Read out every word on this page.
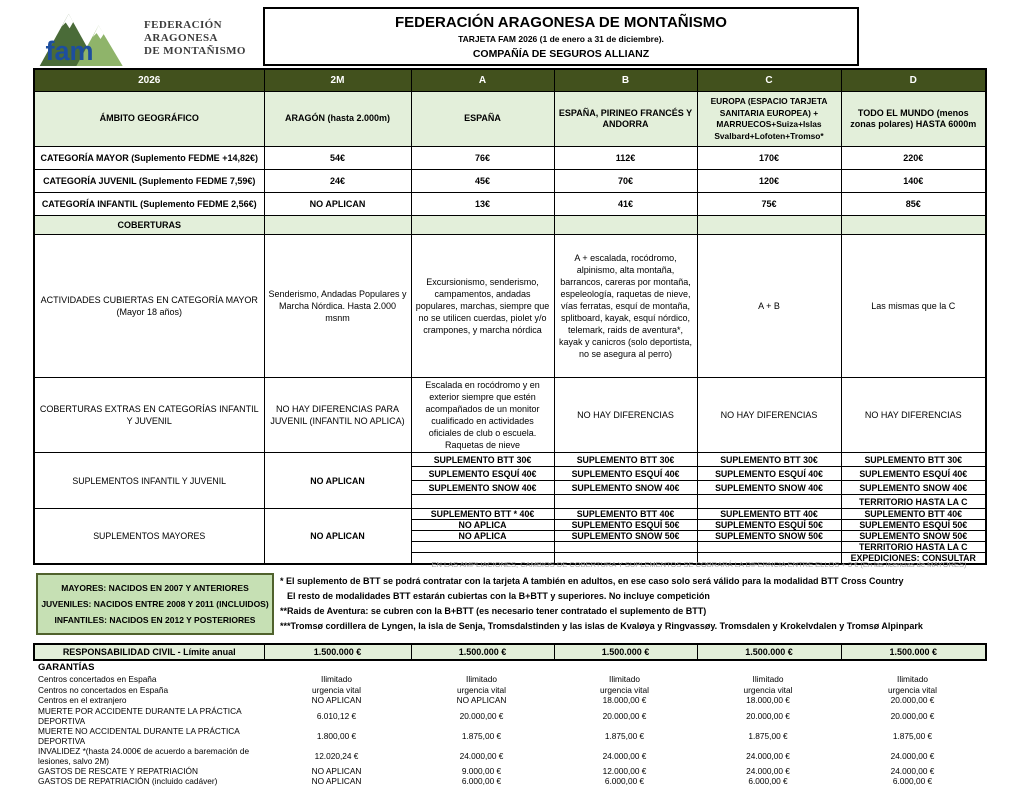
fam
FEDERACIÓN
ARAGONESA
DE MONTAÑISMO
FEDERACIÓN ARAGONESA DE MONTAÑISMO
TARJETA FAM 2026 (1 de enero a 31 de diciembre).
COMPAÑÍA DE SEGUROS ALLIANZ
2026	2M	A	B	C	D
ÁMBITO GEOGRÁFICO	ARAGÓN (hasta 2.000m)	ESPAÑA	ESPAÑA, PIRINEO FRANCÉS Y ANDORRA	EUROPA (ESPACIO TARJETA SANITARIA EUROPEA) + MARRUECOS+Suiza+Islas Svalbard+Lofoten+Tromso*	TODO EL MUNDO (menos zonas polares) HASTA 6000m
CATEGORÍA MAYOR (Suplemento FEDME +14,82€)	54€	76€	112€	170€	220€
CATEGORÍA JUVENIL (Suplemento FEDME 7,59€)	24€	45€	70€	120€	140€
CATEGORÍA INFANTIL (Suplemento FEDME 2,56€)	NO APLICAN	13€	41€	75€	85€
COBERTURAS					
ACTIVIDADES CUBIERTAS EN CATEGORÍA MAYOR (Mayor 18 años)	Senderismo, Andadas Populares y Marcha Nórdica. Hasta 2.000 msnm	Excursionismo, senderismo, campamentos, andadas populares, marchas, siempre que no se utilicen cuerdas, piolet y/o crampones, y marcha nórdica	A + escalada, rocódromo, alpinismo, alta montaña, barrancos, careras por montaña, espeleología, raquetas de nieve, vías ferratas, esquí de montaña, splitboard, kayak, esquí nórdico, telemark, raids de aventura*, kayak y canicros (solo deportista, no se asegura al perro)	A + B	Las mismas que la C
COBERTURAS EXTRAS EN CATEGORÍAS INFANTIL Y JUVENIL	NO HAY DIFERENCIAS PARA JUVENIL (INFANTIL NO APLICA)	Escalada en rocódromo y en exterior siempre que estén acompañados de un monitor cualificado en actividades oficiales de club o escuela. Raquetas de nieve	NO HAY DIFERENCIAS	NO HAY DIFERENCIAS	NO HAY DIFERENCIAS
SUPLEMENTOS INFANTIL Y JUVENIL	NO APLICAN	SUPLEMENTO BTT 30€	SUPLEMENTO BTT 30€	SUPLEMENTO BTT 30€	SUPLEMENTO BTT 30€
		SUPLEMENTO ESQUÍ 40€	SUPLEMENTO ESQUÍ 40€	SUPLEMENTO ESQUÍ 40€	SUPLEMENTO ESQUÍ 40€
		SUPLEMENTO SNOW 40€	SUPLEMENTO SNOW 40€	SUPLEMENTO SNOW 40€	SUPLEMENTO SNOW 40€
					TERRITORIO HASTA LA C
SUPLEMENTOS MAYORES	NO APLICAN	SUPLEMENTO BTT * 40€	SUPLEMENTO BTT 40€	SUPLEMENTO BTT 40€	SUPLEMENTO BTT 40€
		NO APLICA	SUPLEMENTO ESQUÍ 50€	SUPLEMENTO ESQUÍ 50€	SUPLEMENTO ESQUÍ 50€
		NO APLICA	SUPLEMENTO SNOW 50€	SUPLEMENTO SNOW 50€	SUPLEMENTO SNOW 50€
					TERRITORIO HASTA LA C
					EXPEDICIONES: CONSULTAR
EN LAS AMPLIACIONES, CAMBIOS DE COBERTURA Y SUPLEMENTOS SE COBRARÁ LA DIFERNCIA ENTRE ELLOS + 3 € (En las licencias de MAYORES)
MAYORES: NACIDOS EN 2007 Y ANTERIORES
JUVENILES: NACIDOS ENTRE 2008 Y 2011 (INCLUIDOS)
INFANTILES: NACIDOS EN 2012 Y POSTERIORES
* El suplemento de BTT se podrá contratar con la tarjeta A también en adultos, en ese caso solo será válido para la modalidad BTT Cross Country
El resto de modalidades BTT estarán cubiertas con la B+BTT y superiores. No incluye competición
**Raids de Aventura: se cubren con la B+BTT (es necesario tener contratado el suplemento de BTT)
***Tromsø cordillera de Lyngen, la isla de Senja, Tromsdalstinden y las islas de Kvaløya y Ringvassøy. Tromsdalen y Krokelvdalen y Tromsø Alpinpark
RESPONSABILIDAD CIVIL - Límite anual	1.500.000 €	1.500.000 €	1.500.000 €	1.500.000 €	1.500.000 €
GARANTÍAS					
Centros concertados en España	Ilimitado	Ilimitado	Ilimitado	Ilimitado	Ilimitado
Centros no concertados en España	urgencia vital	urgencia vital	urgencia vital	urgencia vital	urgencia vital
Centros en el extranjero	NO APLICAN	NO APLICAN	18.000,00 €	18.000,00 €	20.000,00 €
MUERTE POR ACCIDENTE DURANTE LA PRÁCTICA DEPORTIVA	6.010,12 €	20.000,00 €	20.000,00 €	20.000,00 €	20.000,00 €
MUERTE NO ACCIDENTAL DURANTE LA PRÁCTICA DEPORTIVA	1.800,00 €	1.875,00 €	1.875,00 €	1.875,00 €	1.875,00 €
INVALIDEZ *(hasta 24.000€ de acuerdo a baremación de lesiones, salvo 2M)	12.020,24 €	24.000,00 €	24.000,00 €	24.000,00 €	24.000,00 €
GASTOS DE RESCATE Y REPATRIACIÓN	NO APLICAN	9.000,00 €	12.000,00 €	24.000,00 €	24.000,00 €
GASTOS DE REPATRIACIÓN (incluido cadáver)	NO APLICAN	6.000,00 €	6.000,00 €	6.000,00 €	6.000,00 €
